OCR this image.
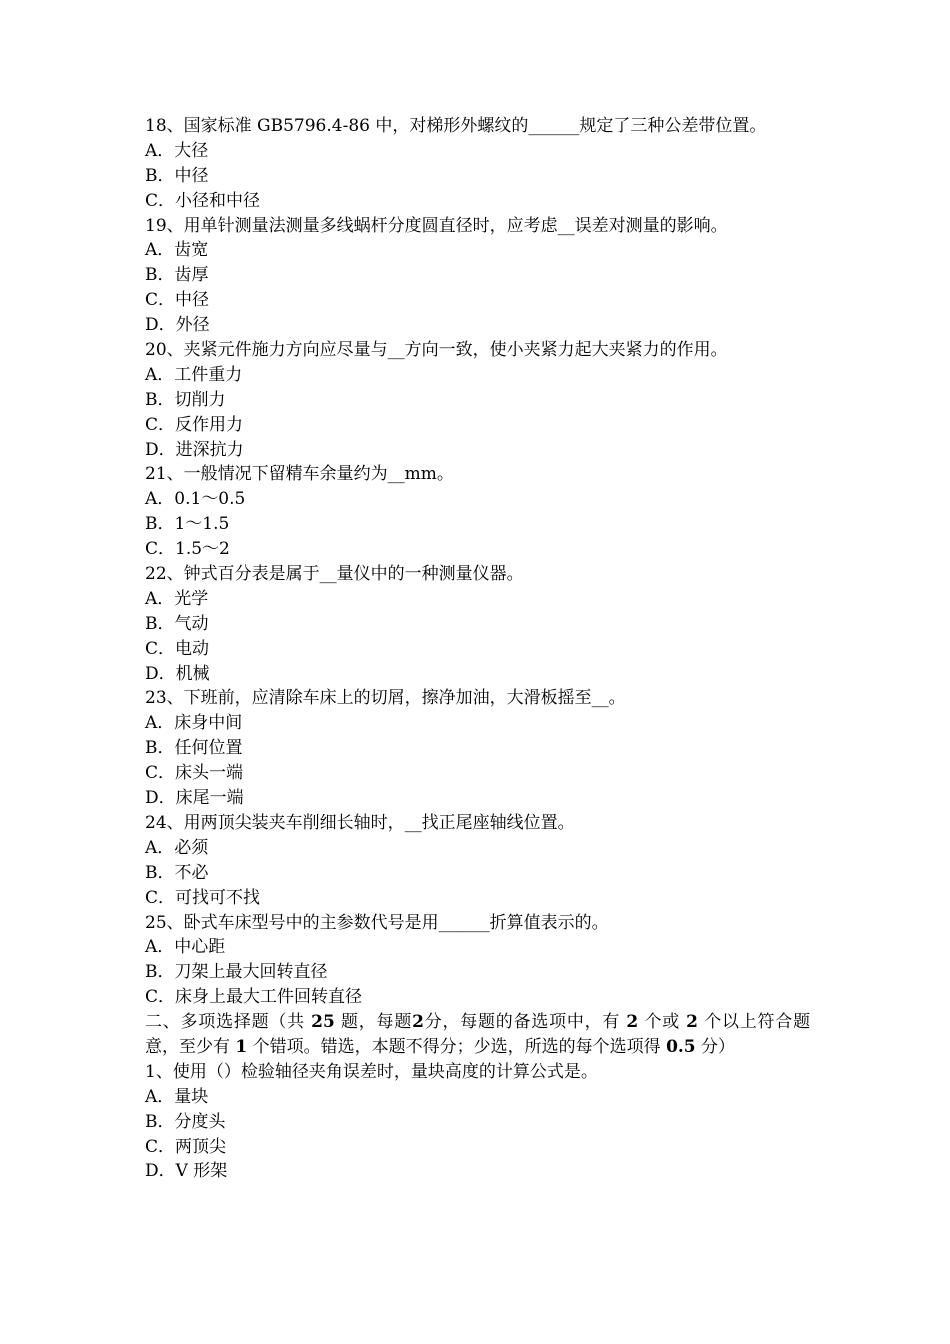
18、国家标准 GB5796.4-86 中，对梯形外螺纹的______规定了三种公差带位置。
A．大径
B．中径
C．小径和中径
19、用单针测量法测量多线蜗杆分度圆直径时，应考虑__误差对测量的影响。
A．齿宽
B．齿厚
C．中径
D．外径
20、夹紧元件施力方向应尽量与__方向一致，使小夹紧力起大夹紧力的作用。
A．工件重力
B．切削力
C．反作用力
D．进深抗力
21、一般情况下留精车余量约为__mm。
A．0.1～0.5
B．1～1.5
C．1.5～2
22、钟式百分表是属于__量仪中的一种测量仪器。
A．光学
B．气动
C．电动
D．机械
23、下班前，应清除车床上的切屑，擦净加油，大滑板摇至__。
A．床身中间
B．任何位置
C．床头一端
D．床尾一端
24、用两顶尖装夹车削细长轴时，__找正尾座轴线位置。
A．必须
B．不必
C．可找可不找
25、卧式车床型号中的主参数代号是用______折算值表示的。
A．中心距
B．刀架上最大回转直径
C．床身上最大工件回转直径
二、多项选择题（共 25 题，每题2分，每题的备选项中，有 2 个或 2 个以上符合题意，至少有 1 个错项。错选，本题不得分；少选，所选的每个选项得 0.5 分）
1、使用（）检验轴径夹角误差时，量块高度的计算公式是。
A．量块
B．分度头
C．两顶尖
D．V 形架
